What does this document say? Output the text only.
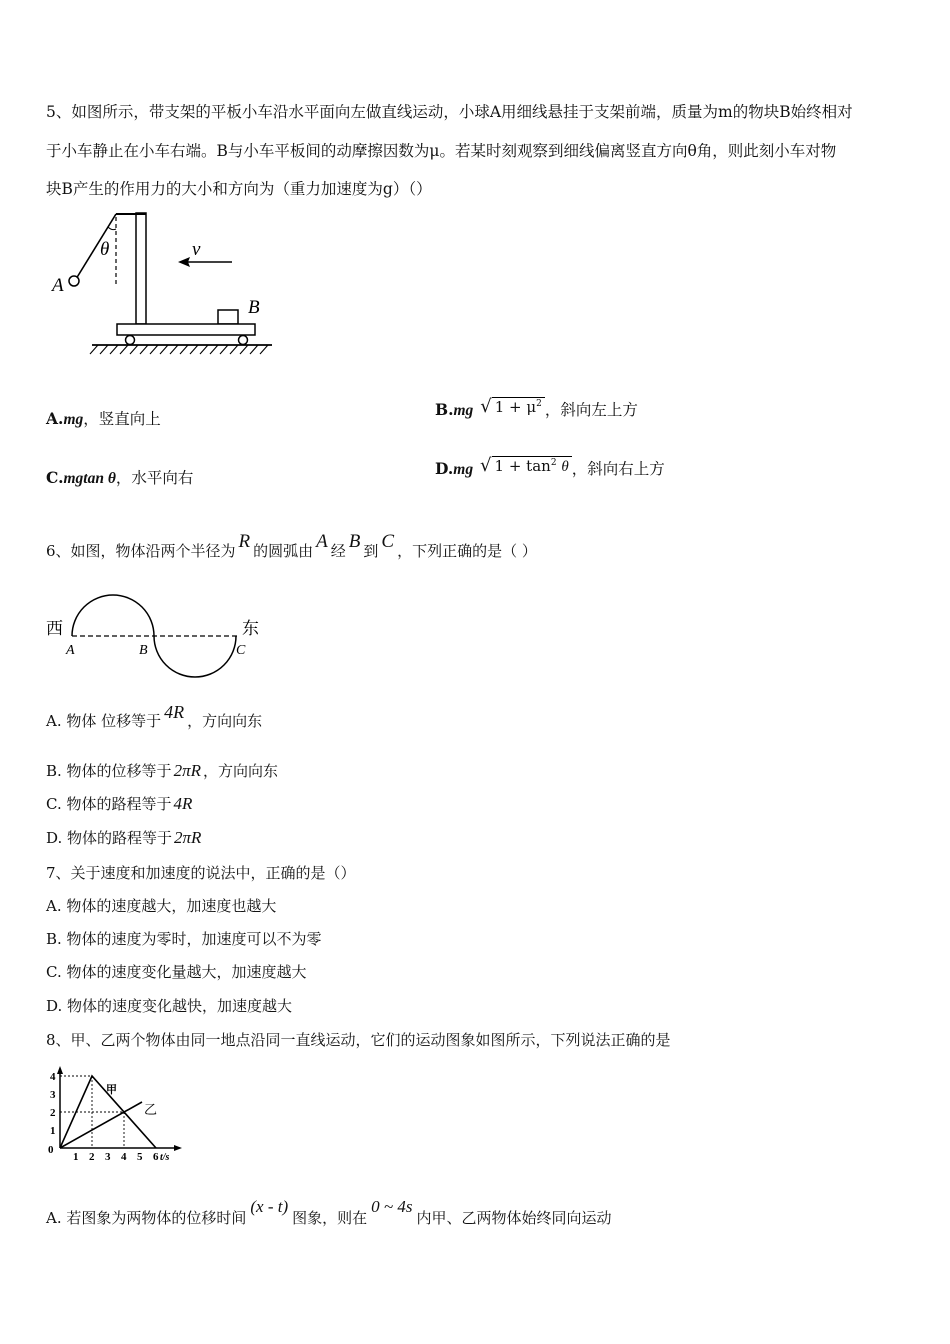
5、如图所示，带支架的平板小车沿水平面向左做直线运动，小球A用细线悬挂于支架前端，质量为m的物块B始终相对
于小车静止在小车右端。B与小车平板间的动摩擦因数为μ。若某时刻观察到细线偏离竖直方向θ角，则此刻小车对物
块B产生的作用力的大小和方向为（重力加速度为g）（）
θ
A
v
B
A.mg，竖直向上	B.mg √ $1 + \mu^2$ ，斜向左上方
C.mgtan θ，水平向右	D.mg √ $1 + \tan^2 \theta$ ，斜向右上方
6、如图，物体沿两个半径为 R 的圆弧由 A 经 B 到 C ，下列正确的是（ ）
西	东
A	B	C
A. 物体 位移等于 4R ，方向向东
B. 物体的位移等于 2πR ，方向向东
C. 物体的路程等于 4R
D. 物体的路程等于 2πR
7、关于速度和加速度的说法中，正确的是（）
A. 物体的速度越大，加速度也越大
B. 物体的速度为零时，加速度可以不为零
C. 物体的速度变化量越大，加速度越大
D. 物体的速度变化越快，加速度越大
8、甲、乙两个物体由同一地点沿同一直线运动，它们的运动图象如图所示，下列说法正确的是
4
3
2
1
0
1 2 3 4 5 6 t/s
甲
乙
A. 若图象为两物体的位移时间(x - t)图象，则在0 ~ 4s内甲、乙两物体始终同向运动
